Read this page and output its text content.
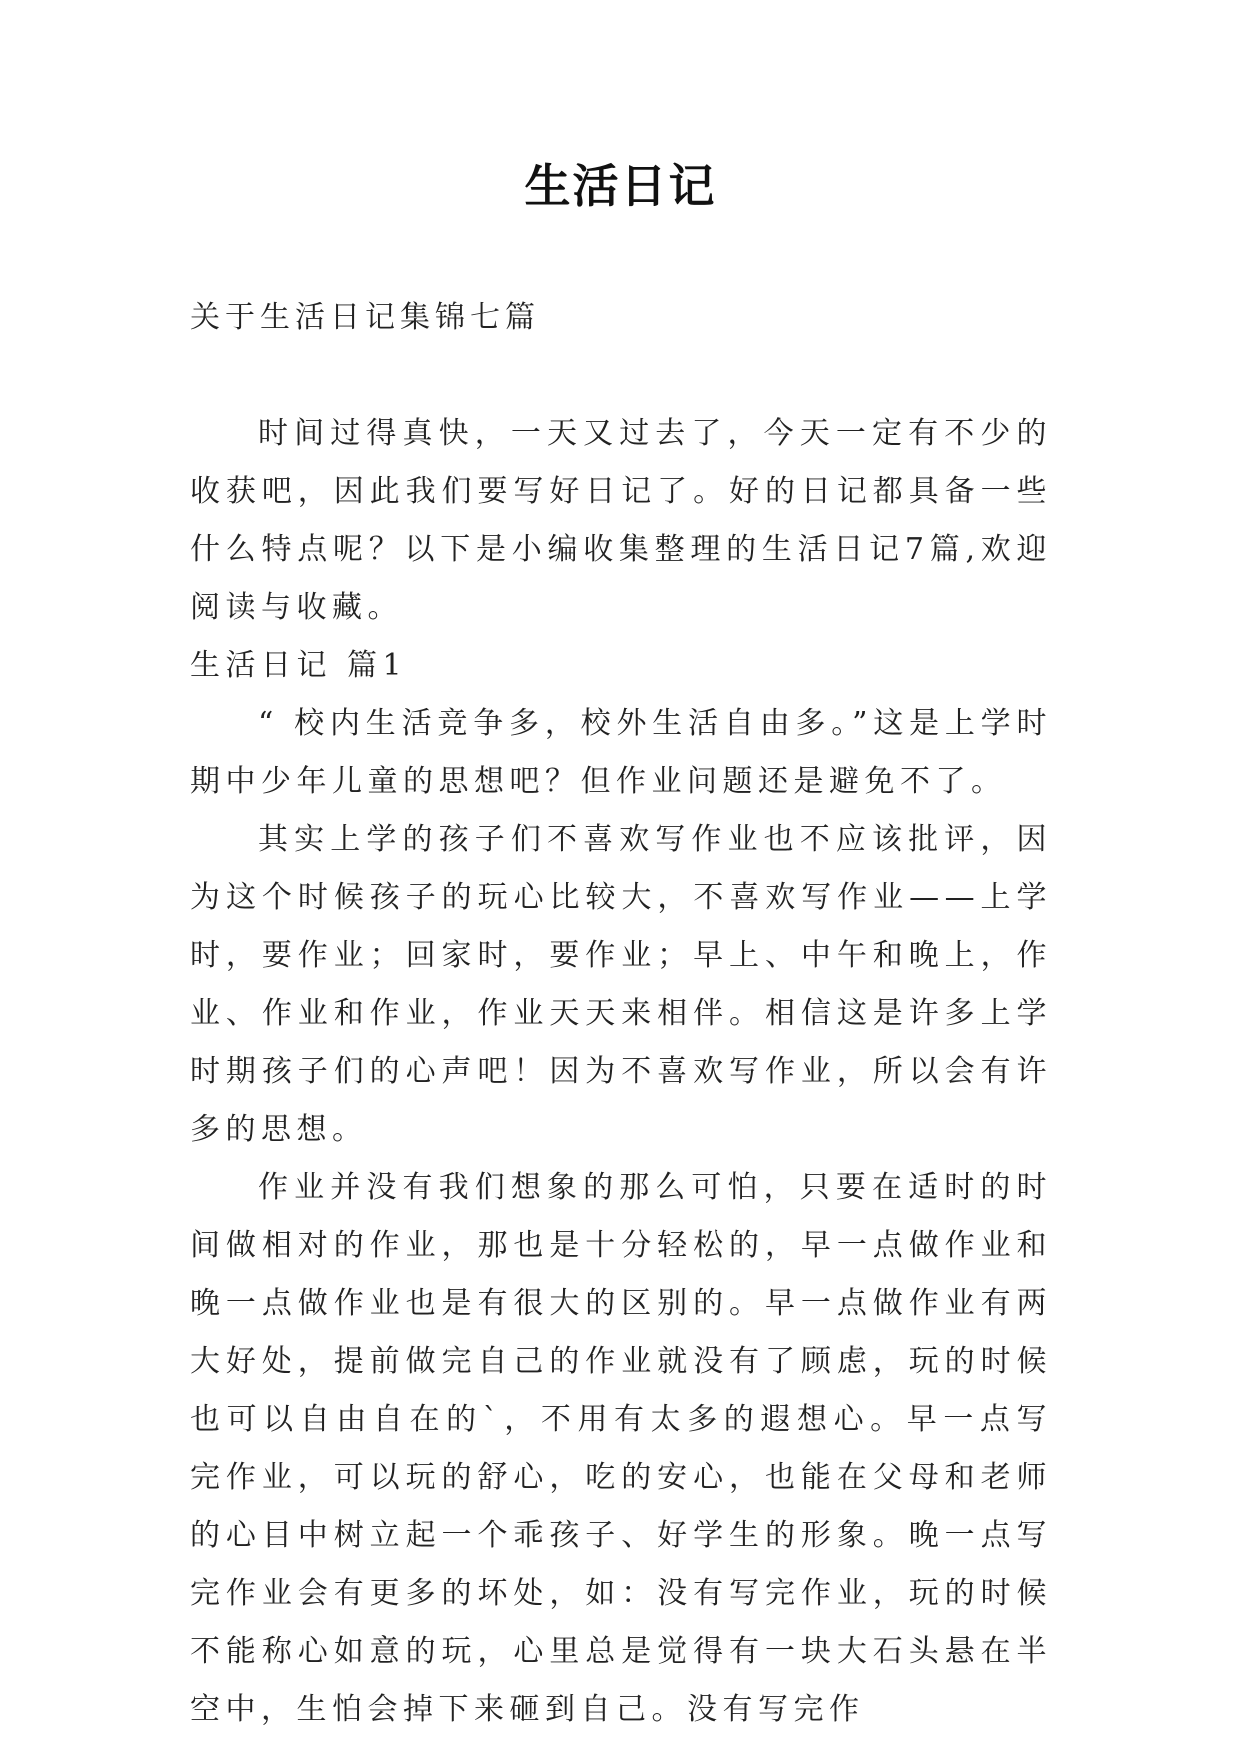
生活日记

关于生活日记集锦七篇

时间过得真快，一天又过去了，今天一定有不少的收获吧，因此我们要写好日记了。好的日记都具备一些什么特点呢？以下是小编收集整理的生活日记7篇,欢迎阅读与收藏。

生活日记 篇1

“ 校内生活竞争多，校外生活自由多。”这是上学时期中少年儿童的思想吧？但作业问题还是避免不了。

其实上学的孩子们不喜欢写作业也不应该批评，因为这个时候孩子的玩心比较大，不喜欢写作业——上学时，要作业；回家时，要作业；早上、中午和晚上，作业、作业和作业，作业天天来相伴。相信这是许多上学时期孩子们的心声吧！因为不喜欢写作业，所以会有许多的思想。

作业并没有我们想象的那么可怕，只要在适时的时间做相对的作业，那也是十分轻松的，早一点做作业和晚一点做作业也是有很大的区别的。早一点做作业有两大好处，提前做完自己的作业就没有了顾虑，玩的时候也可以自由自在的`，不用有太多的遐想心。早一点写完作业，可以玩的舒心，吃的安心，也能在父母和老师的心目中树立起一个乖孩子、好学生的形象。晚一点写完作业会有更多的坏处，如：没有写完作业，玩的时候不能称心如意的玩，心里总是觉得有一块大石头悬在半空中，生怕会掉下来砸到自己。没有写完作
